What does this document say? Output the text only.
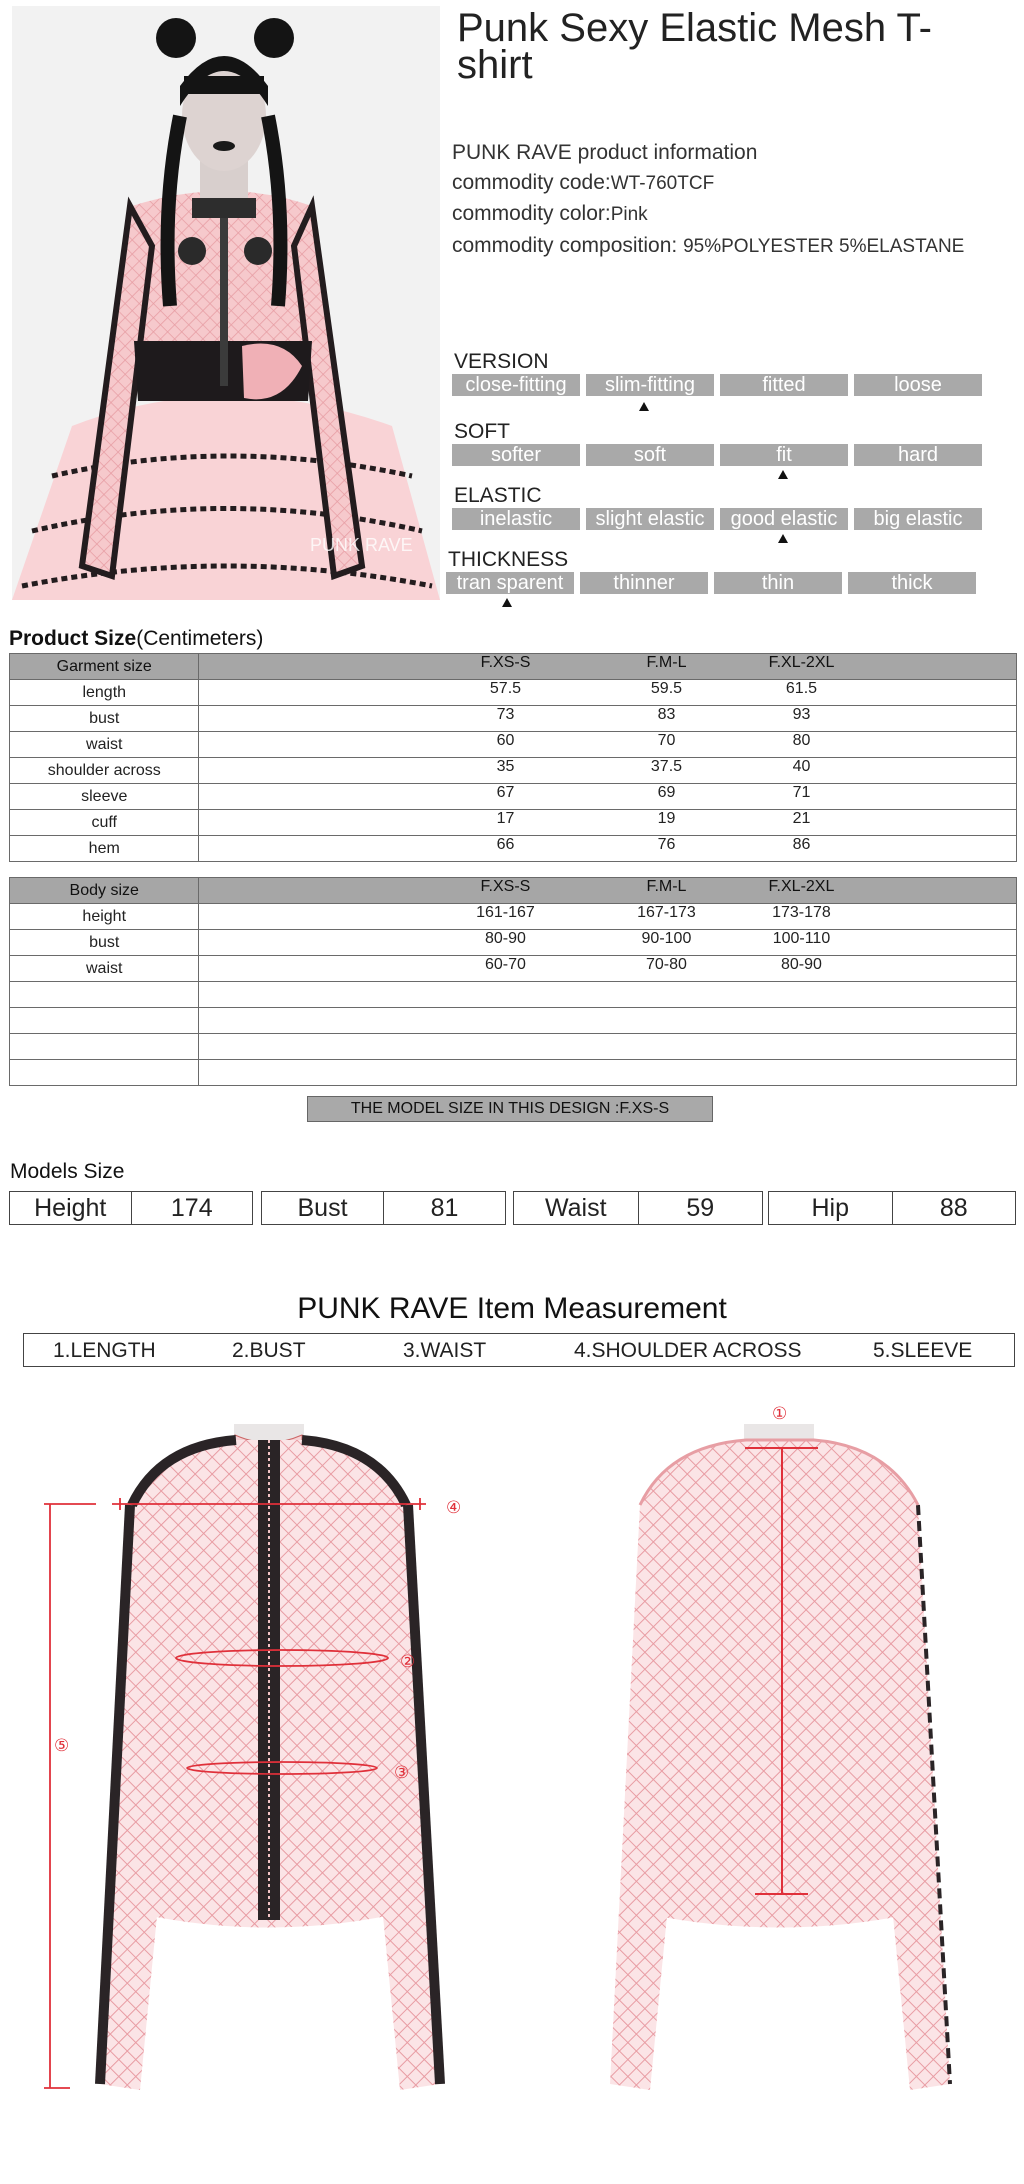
PUNK RAVE
Punk Sexy Elastic Mesh T-shirt
PUNK RAVE product information
commodity code:WT-760TCF
commodity color:Pink
commodity composition: 95%POLYESTER 5%ELASTANE
VERSION
close-fitting	slim-fitting	fitted	loose
SOFT
softer	soft	fit	hard
ELASTIC
inelastic	slight elastic	good elastic	big elastic
THICKNESS
tran sparent	thinner	thin	thick
Product Size(Centimeters)
Garment size	F.XS-S F.M-L F.XL-2XL

length	57.5 59.5 61.5

bust	73 83 93

waist	60 70 80

shoulder across	35 37.5 40

sleeve	67 69 71

cuff	17 19 21

hem	66 76 86
Body size	F.XS-S F.M-L F.XL-2XL

height	161-167 167-173 173-178

bust	80-90 90-100 100-110

waist	60-70 70-80 80-90

THE MODEL SIZE IN THIS DESIGN :F.XS-S
Models Size
Height	174	Bust	81	Waist	59	Hip	88
PUNK RAVE Item Measurement
1.LENGTH	2.BUST	3.WAIST	4.SHOULDER ACROSS	5.SLEEVE
④
②
③
⑤
①
